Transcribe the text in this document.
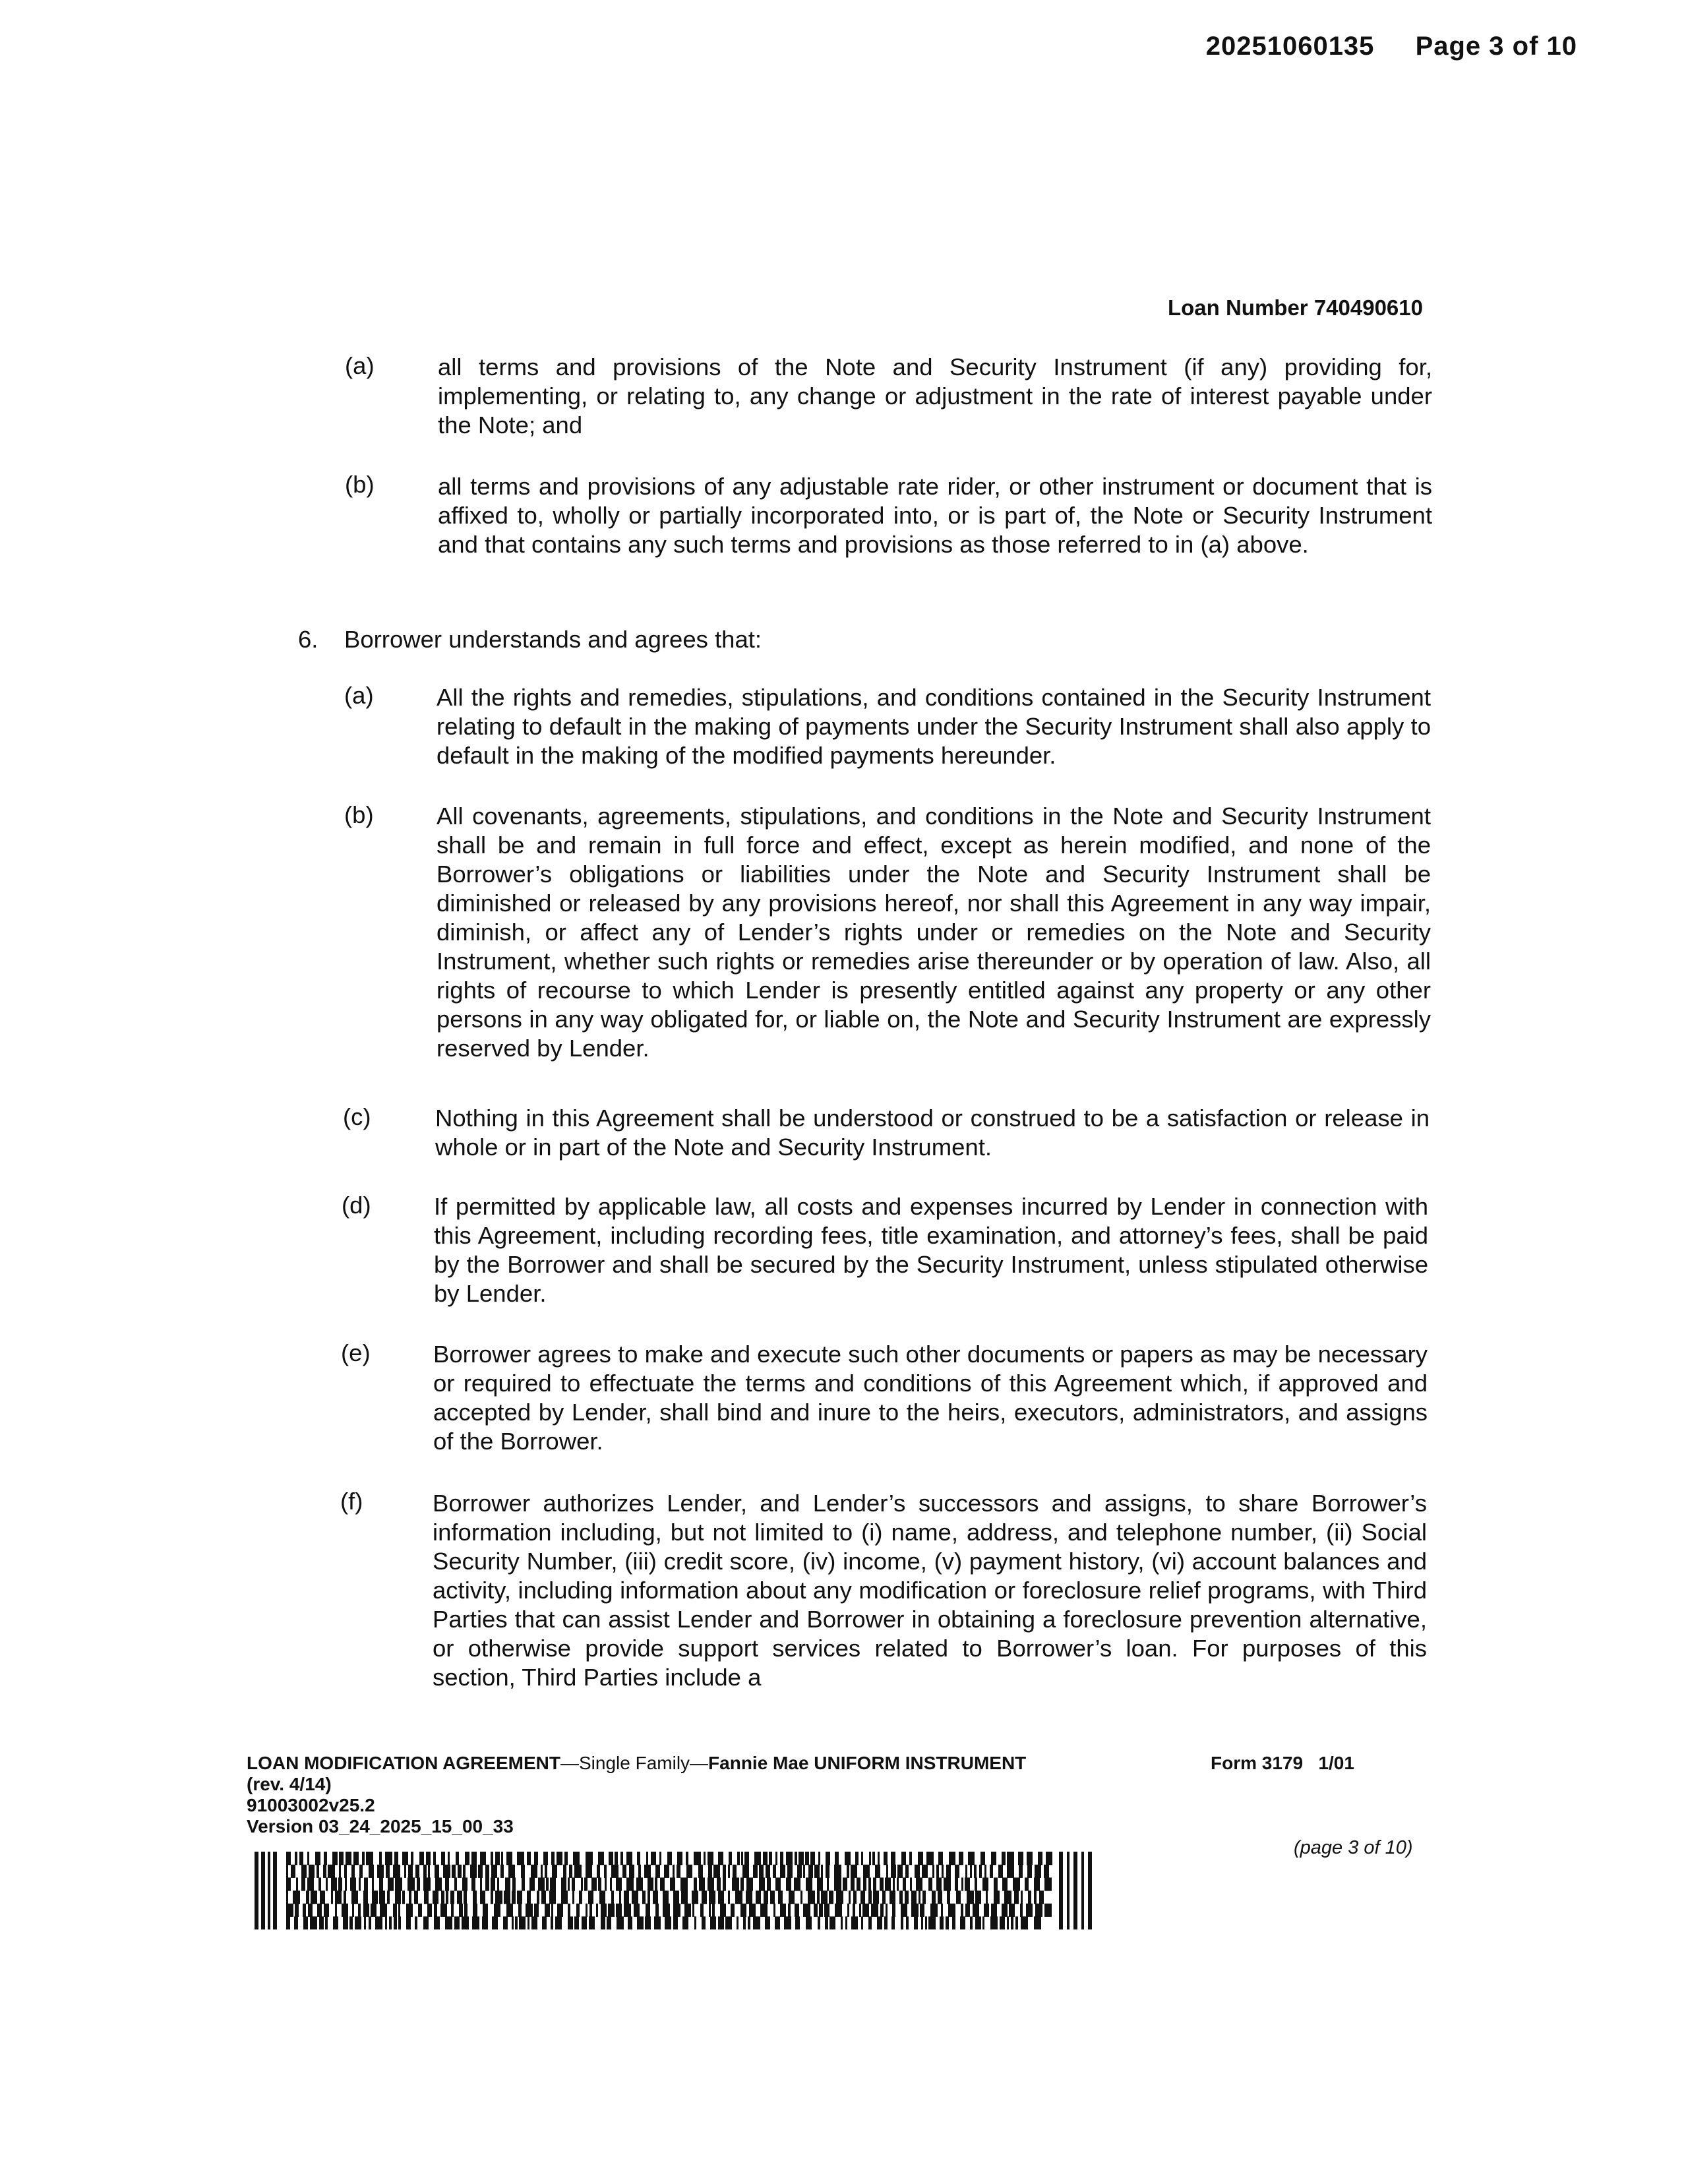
20251060135 Page 3 of 10
Loan Number 740490610
(a)	all terms and provisions of the Note and Security Instrument (if any) providing for, implementing, or relating to, any change or adjustment in the rate of interest payable under the Note; and
(b)	all terms and provisions of any adjustable rate rider, or other instrument or document that is affixed to, wholly or partially incorporated into, or is part of, the Note or Security Instrument and that contains any such terms and provisions as those referred to in (a) above.
6. Borrower understands and agrees that:
(a)	All the rights and remedies, stipulations, and conditions contained in the Security Instrument relating to default in the making of payments under the Security Instrument shall also apply to default in the making of the modified payments hereunder.
(b)	All covenants, agreements, stipulations, and conditions in the Note and Security Instrument shall be and remain in full force and effect, except as herein modified, and none of the Borrower’s obligations or liabilities under the Note and Security Instrument shall be diminished or released by any provisions hereof, nor shall this Agreement in any way impair, diminish, or affect any of Lender’s rights under or remedies on the Note and Security Instrument, whether such rights or remedies arise thereunder or by operation of law. Also, all rights of recourse to which Lender is presently entitled against any property or any other persons in any way obligated for, or liable on, the Note and Security Instrument are expressly reserved by Lender.
(c)	Nothing in this Agreement shall be understood or construed to be a satisfaction or release in whole or in part of the Note and Security Instrument.
(d)	If permitted by applicable law, all costs and expenses incurred by Lender in connection with this Agreement, including recording fees, title examination, and attorney’s fees, shall be paid by the Borrower and shall be secured by the Security Instrument, unless stipulated otherwise by Lender.
(e)	Borrower agrees to make and execute such other documents or papers as may be necessary or required to effectuate the terms and conditions of this Agreement which, if approved and accepted by Lender, shall bind and inure to the heirs, executors, administrators, and assigns of the Borrower.
(f)	Borrower authorizes Lender, and Lender’s successors and assigns, to share Borrower’s information including, but not limited to (i) name, address, and telephone number, (ii) Social Security Number, (iii) credit score, (iv) income, (v) payment history, (vi) account balances and activity, including information about any modification or foreclosure relief programs, with Third Parties that can assist Lender and Borrower in obtaining a foreclosure prevention alternative, or otherwise provide support services related to Borrower’s loan. For purposes of this section, Third Parties include a
LOAN MODIFICATION AGREEMENT—Single Family—Fannie Mae UNIFORM INSTRUMENT
(rev. 4/14)
91003002v25.2
Version 03_24_2025_15_00_33
Form 3179 1/01
(page 3 of 10)
